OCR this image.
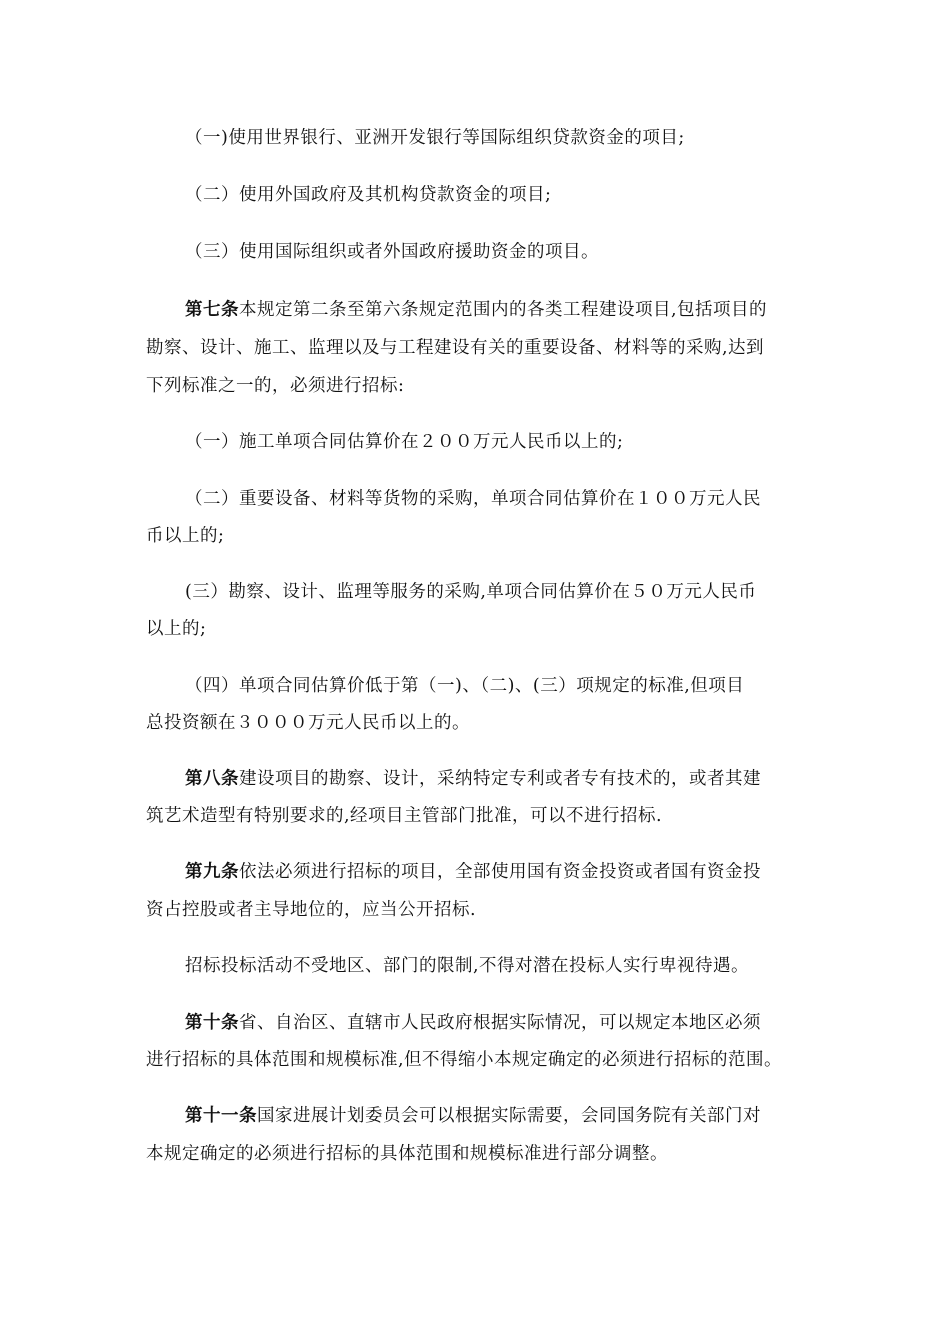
（一)使用世界银行、亚洲开发银行等国际组织贷款资金的项目;
（二）使用外国政府及其机构贷款资金的项目;
（三）使用国际组织或者外国政府援助资金的项目。
第七条本规定第二条至第六条规定范围内的各类工程建设项目,包括项目的
勘察、设计、施工、监理以及与工程建设有关的重要设备、材料等的采购,达到
下列标准之一的，必须进行招标:
（一）施工单项合同估算价在２００万元人民币以上的;
（二）重要设备、材料等货物的采购，单项合同估算价在１００万元人民
币以上的;
(三）勘察、设计、监理等服务的采购,单项合同估算价在５０万元人民币
以上的;
（四）单项合同估算价低于第（一)、（二)、(三）项规定的标准,但项目
总投资额在３０００万元人民币以上的。
第八条建设项目的勘察、设计，采纳特定专利或者专有技术的，或者其建
筑艺术造型有特别要求的,经项目主管部门批准，可以不进行招标.
第九条依法必须进行招标的项目，全部使用国有资金投资或者国有资金投
资占控股或者主导地位的，应当公开招标.
招标投标活动不受地区、部门的限制,不得对潜在投标人实行卑视待遇。
第十条省、自治区、直辖市人民政府根据实际情况，可以规定本地区必须
进行招标的具体范围和规模标准,但不得缩小本规定确定的必须进行招标的范围。
第十一条国家进展计划委员会可以根据实际需要，会同国务院有关部门对
本规定确定的必须进行招标的具体范围和规模标准进行部分调整。
